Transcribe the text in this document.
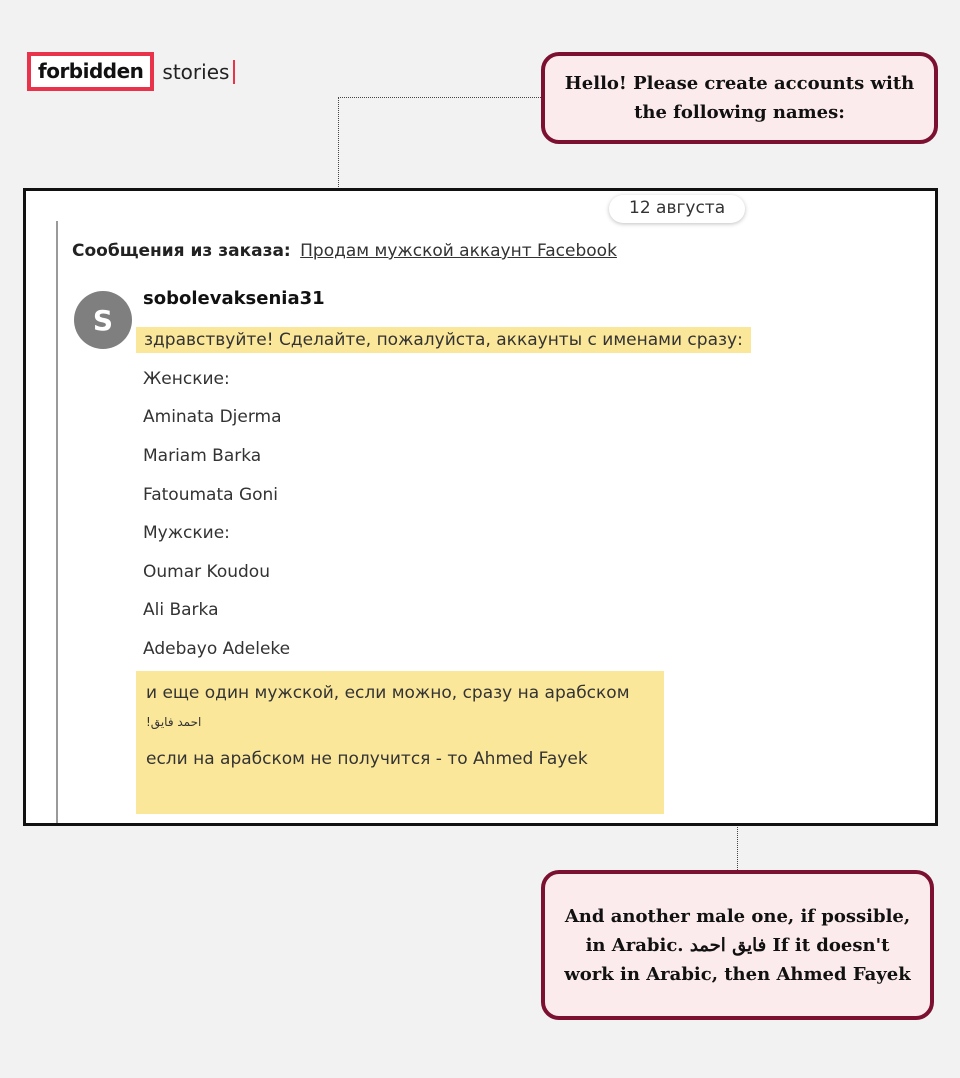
forbidden stories	Hello! Please create accounts with the following names:
12 августа
Сообщения из заказа: Продам мужской аккаунт Facebook
S
sobolevaksenia31
здравствуйте! Сделайте, пожалуйста, аккаунты с именами сразу:
Женские:
Aminata Djerma
Mariam Barka
Fatoumata Goni
Мужские:
Oumar Koudou
Ali Barka
Adebayo Adeleke
и еще один мужской, если можно, сразу на арабском
احمد فايق!
если на арабском не получится - то Ahmed Fayek
And another male one, if possible, in Arabic. فايق احمد If it doesn't work in Arabic, then Ahmed Fayek
